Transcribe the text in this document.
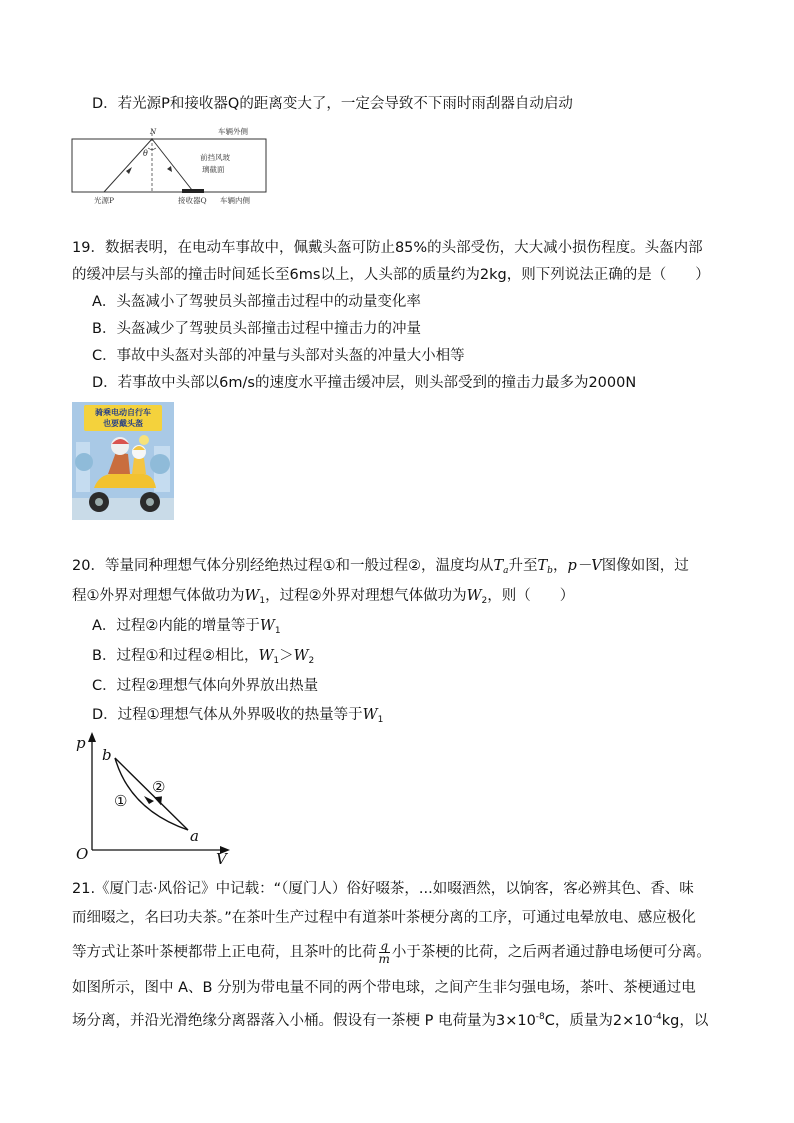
D．若光源P和接收器Q的距离变大了，一定会导致不下雨时雨刮器自动启动
N
θ
车辆外侧
前挡风玻
璃截面
光源P	接收器Q 车辆内侧
19．数据表明，在电动车事故中，佩戴头盔可防止85%的头部受伤，大大减小损伤程度。头盔内部
的缓冲层与头部的撞击时间延长至6ms以上，人头部的质量约为2kg，则下列说法正确的是（　　）
A．头盔减小了驾驶员头部撞击过程中的动量变化率
B．头盔减少了驾驶员头部撞击过程中撞击力的冲量
C．事故中头盔对头部的冲量与头部对头盔的冲量大小相等
D．若事故中头部以6m/s的速度水平撞击缓冲层，则头部受到的撞击力最多为2000N
骑乘电动自行车
也要戴头盔
20．等量同种理想气体分别经绝热过程①和一般过程②，温度均从$T_a$升至$T_b$，p－V图像如图，过
程①外界对理想气体做功为$W_1$，过程②外界对理想气体做功为$W_2$，则（　　）
A．过程②内能的增量等于$W_1$
B．过程①和过程②相比，$W_1>W_2$
C．过程②理想气体向外界放出热量
D．过程①理想气体从外界吸收的热量等于$W_1$
p
V
O
b
a
①
②
21.《厦门志·风俗记》中记载：“（厦门人）俗好啜茶，...如啜酒然，以饷客，客必辨其色、香、味
而细啜之，名曰功夫茶。”在茶叶生产过程中有道茶叶茶梗分离的工序，可通过电晕放电、感应极化
等方式让茶叶茶梗都带上正电荷，且茶叶的比荷 $\frac{q}{m}$ 小于茶梗的比荷，之后两者通过静电场便可分离。
如图所示，图中 A、B 分别为带电量不同的两个带电球，之间产生非匀强电场，茶叶、茶梗通过电
场分离，并沿光滑绝缘分离器落入小桶。假设有一茶梗 P 电荷量为$3\times 10^{-8}C$，质量为$2\times 10^{-4}kg$，以
